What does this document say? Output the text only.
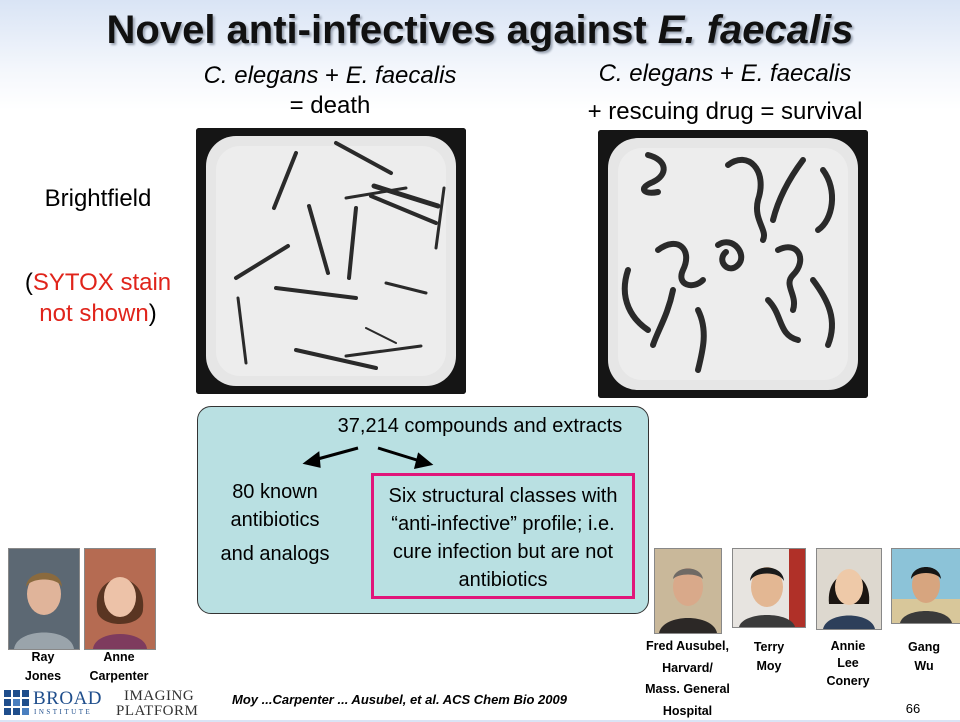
Novel anti-infectives against E. faecalis
C. elegans + E. faecalis
= death
C. elegans + E. faecalis
+ rescuing drug = survival
Brightfield
(SYTOX stain
not shown)
37,214 compounds and extracts
80 known
antibiotics
and analogs
Six structural classes with
“anti-infective” profile; i.e.
cure infection but are not
antibiotics
Ray
Jones
Anne
Carpenter
Fred Ausubel,
Harvard/
Mass. General
Hospital
Terry
Moy
Annie
Lee
Conery
Gang
Wu
BROAD
INSTITUTE
IMAGING
PLATFORM
Moy ...Carpenter ... Ausubel, et al. ACS Chem Bio 2009
66
